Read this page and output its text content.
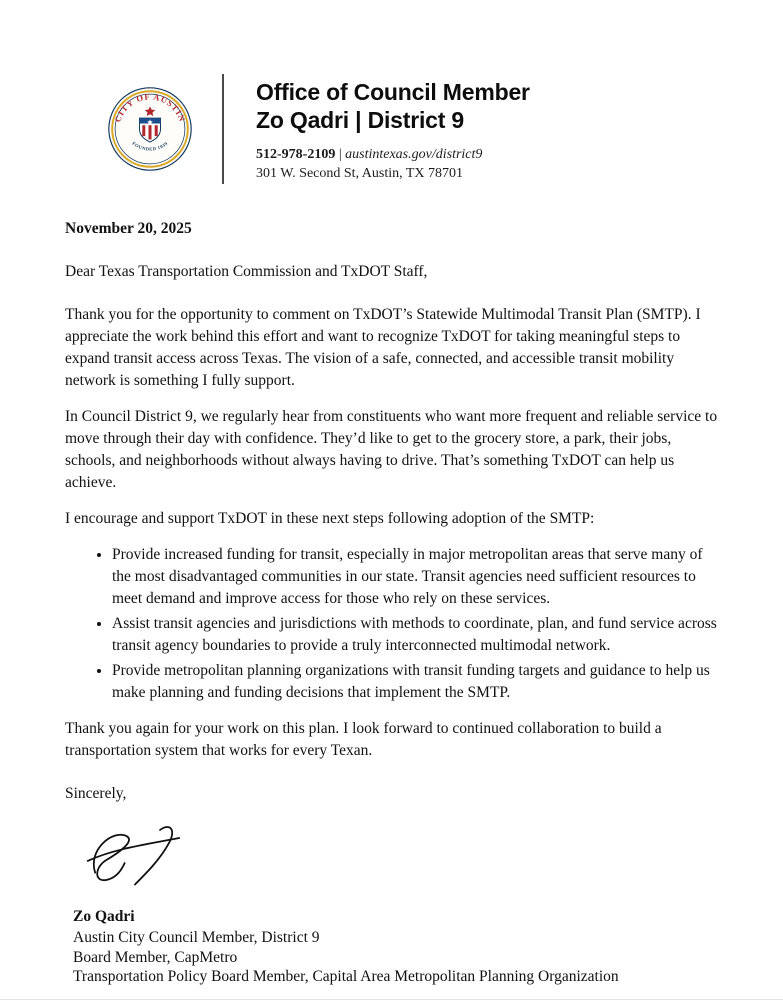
CITY OF AUSTIN
FOUNDED 1839
Office of Council Member
Zo Qadri | District 9
512-978-2109 | austintexas.gov/district9
301 W. Second St, Austin, TX 78701
November 20, 2025
Dear Texas Transportation Commission and TxDOT Staff,

Thank you for the opportunity to comment on TxDOT’s Statewide Multimodal Transit Plan (SMTP). I appreciate the work behind this effort and want to recognize TxDOT for taking meaningful steps to expand transit access across Texas. The vision of a safe, connected, and accessible transit mobility network is something I fully support.

In Council District 9, we regularly hear from constituents who want more frequent and reliable service to move through their day with confidence. They’d like to get to the grocery store, a park, their jobs, schools, and neighborhoods without always having to drive. That’s something TxDOT can help us achieve.

I encourage and support TxDOT in these next steps following adoption of the SMTP:

• Provide increased funding for transit, especially in major metropolitan areas that serve many of the most disadvantaged communities in our state. Transit agencies need sufficient resources to meet demand and improve access for those who rely on these services.
• Assist transit agencies and jurisdictions with methods to coordinate, plan, and fund service across transit agency boundaries to provide a truly interconnected multimodal network.
• Provide metropolitan planning organizations with transit funding targets and guidance to help us make planning and funding decisions that implement the SMTP.

Thank you again for your work on this plan. I look forward to continued collaboration to build a transportation system that works for every Texan.

Sincerely,
Zo Qadri
Austin City Council Member, District 9
Board Member, CapMetro
Transportation Policy Board Member, Capital Area Metropolitan Planning Organization
